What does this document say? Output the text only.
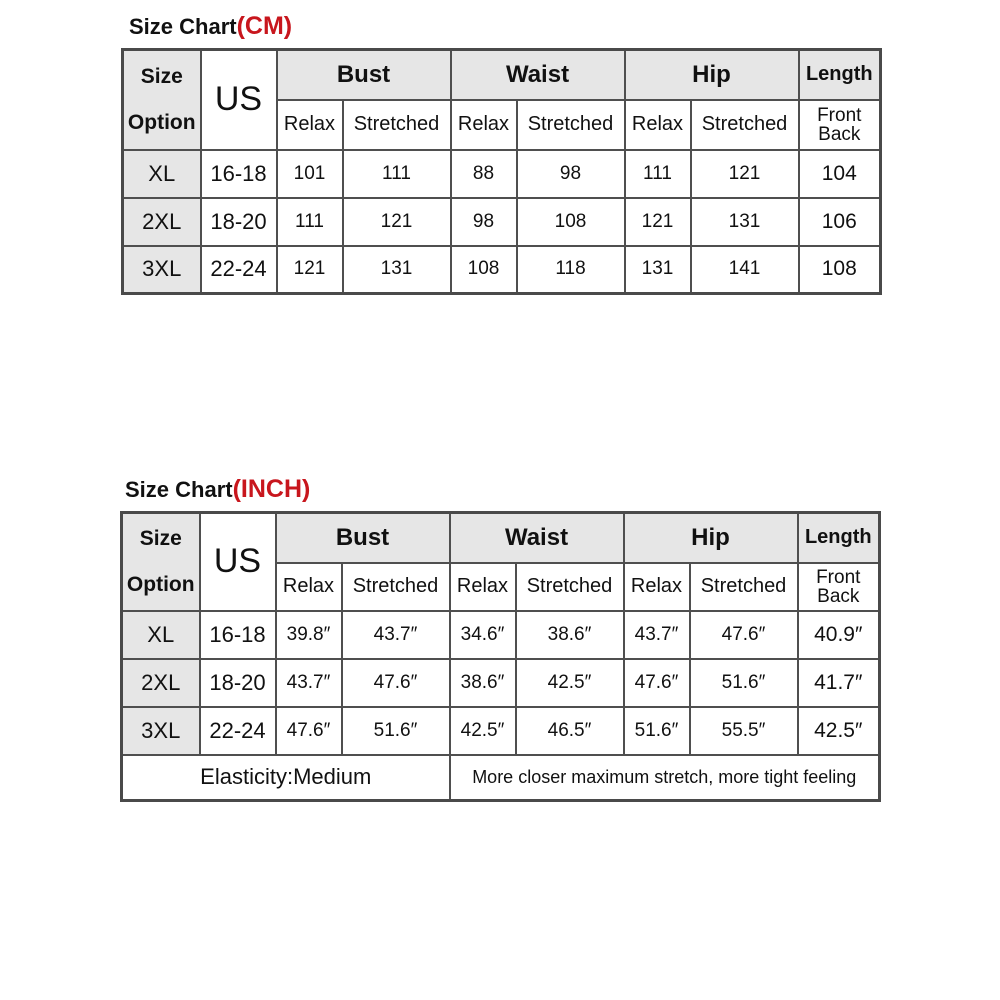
Size Chart(CM)
Size
Option	US	Bust		Waist		Hip		Length
		Relax	Stretched	Relax	Stretched	Relax	Stretched	Front
Back

XL	16-18	101	111	88	98	111	121	104
2XL	18-20	111	121	98	108	121	131	106
3XL	22-24	121	131	108	118	131	141	108
Size Chart(INCH)
Size
Option	US	Bust		Waist		Hip		Length
		Relax	Stretched	Relax	Stretched	Relax	Stretched	Front
Back

XL	16-18	39.8″	43.7″	34.6″	38.6″	43.7″	47.6″	40.9″
2XL	18-20	43.7″	47.6″	38.6″	42.5″	47.6″	51.6″	41.7″
3XL	22-24	47.6″	51.6″	42.5″	46.5″	51.6″	55.5″	42.5″
Elasticity:Medium				More closer maximum stretch, more tight feeling				
